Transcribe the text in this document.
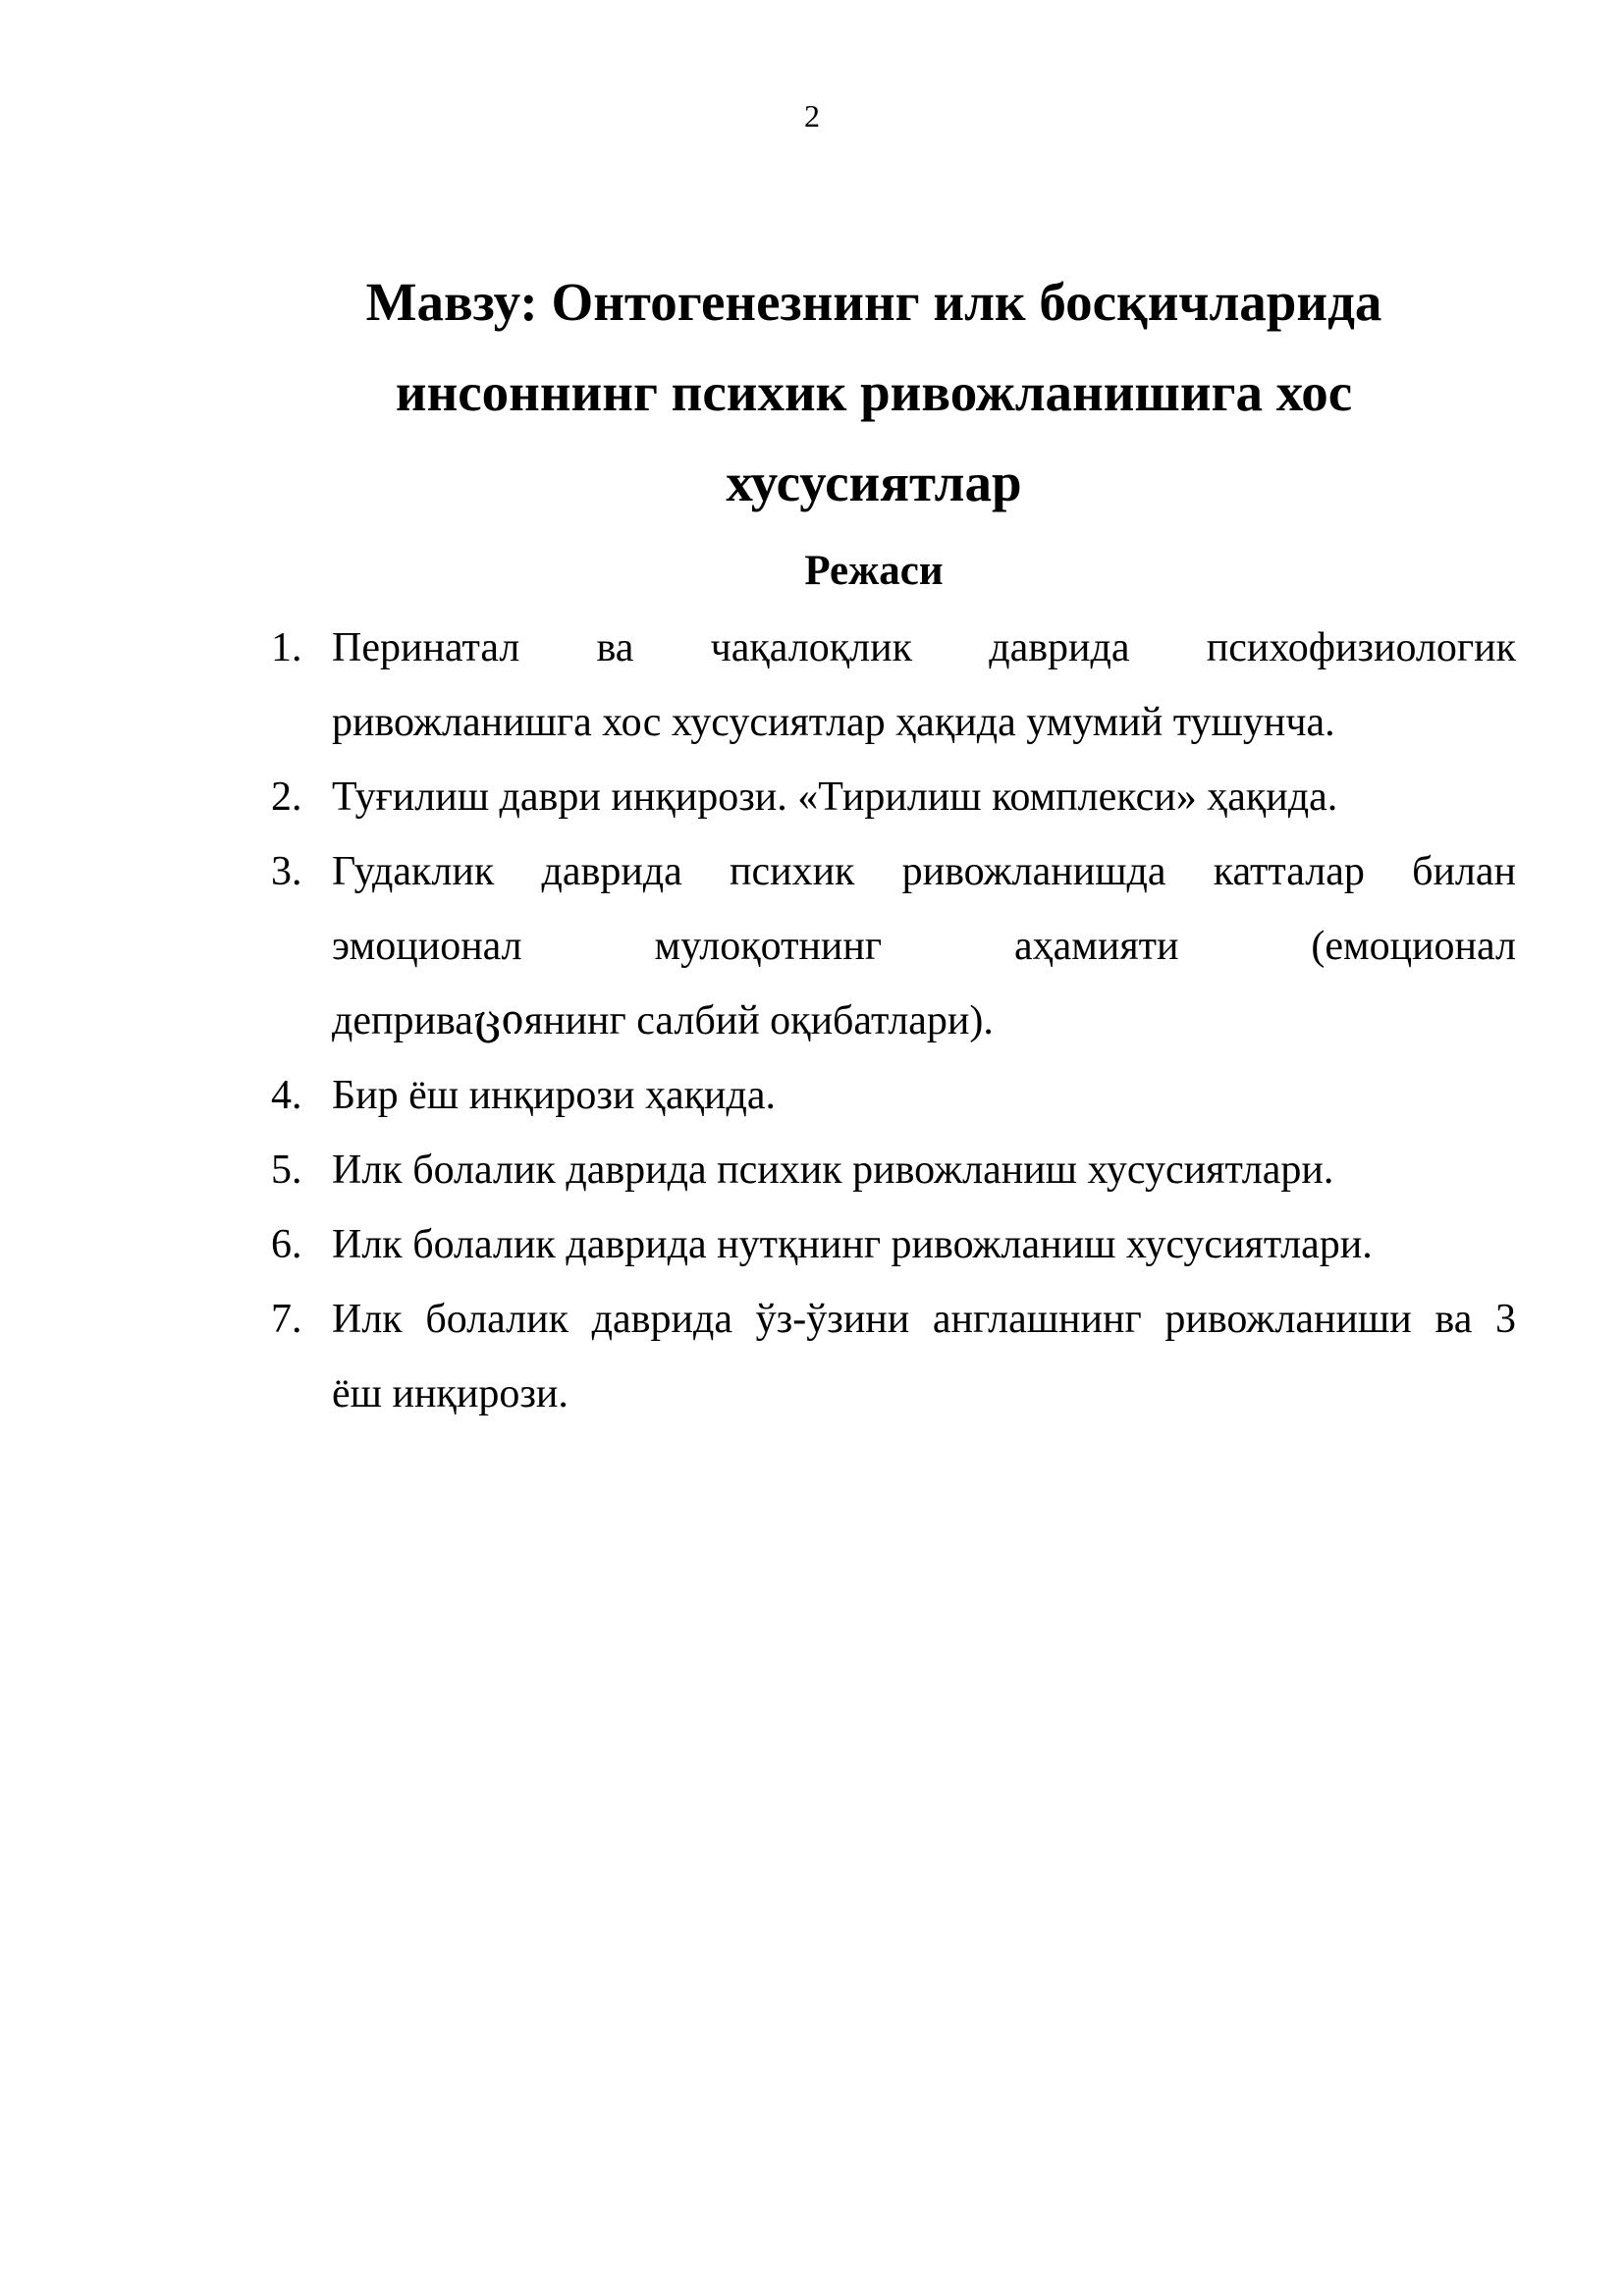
2
Мавзу: Онтогенезнинг илк босқичларида
инсоннинг психик ривожланишига хос
хусусиятлар
Режаси
1. Перинатал ва чақалоқлик даврида психофизиологик
ривожланишга хос хусусиятлар ҳақида умумий тушунча.
2. Туғилиш даври инқирози. «Тирилиш комплекси» ҳақида.
3. Гудаклик даврида психик ривожланишда катталар билан
эмоционал мулоқотнинг аҳамияти (емоционал
деприваციянинг салбий оқибатлари).
4. Бир ёш инқирози ҳақида.
5. Илк болалик даврида психик ривожланиш хусусиятлари.
6. Илк болалик даврида нутқнинг ривожланиш хусусиятлари.
7. Илк болалик даврида ўз-ўзини англашнинг ривожланиши ва 3
ёш инқирози.
